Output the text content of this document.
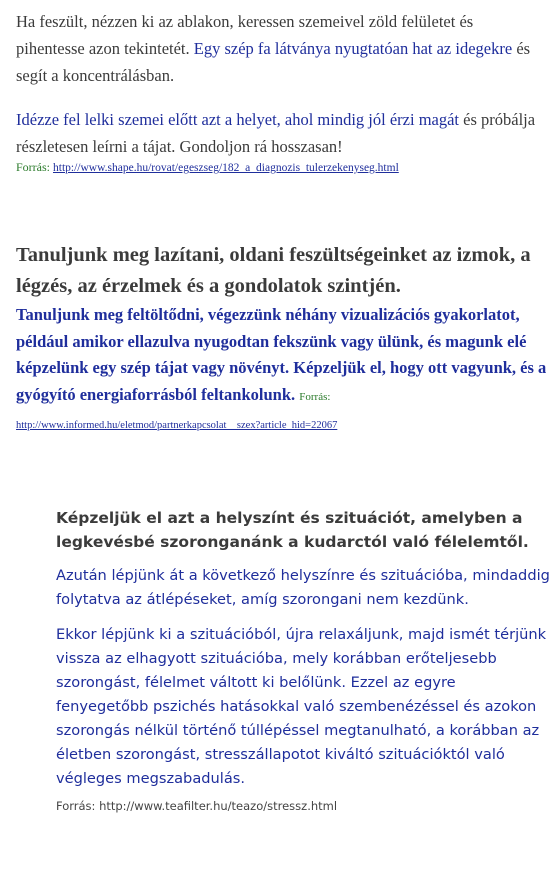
Ha feszült, nézzen ki az ablakon, keressen szemeivel zöld felületet és pihentesse azon tekintetét. Egy szép fa látványa nyugtatóan hat az idegekre és segít a koncentrálásban.

Idézze fel lelki szemei előtt azt a helyet, ahol mindig jól érzi magát és próbálja részletesen leírni a tájat. Gondoljon rá hosszasan!

Forrás: http://www.shape.hu/rovat/egeszseg/182_a_diagnozis_tulerzekenyseg.html
Tanuljunk meg lazítani, oldani feszültségeinket az izmok, a légzés, az érzelmek és a gondolatok szintjén.

Tanuljunk meg feltöltődni, végezzünk néhány vizualizációs gyakorlatot, például amikor ellazulva nyugodtan fekszünk vagy ülünk, és magunk elé képzelünk egy szép tájat vagy növényt. Képzeljük el, hogy ott vagyunk, és a gyógyító energiaforrásból feltankolunk. Forrás: http://www.informed.hu/eletmod/partnerkapcsolat__szex?article_hid=22067

Képzeljük el azt a helyszínt és szituációt, amelyben a legkevésbé szoronganánk a kudarctól való félelemtől.

Azután lépjünk át a következő helyszínre és szituációba, mindaddig folytatva az átlépéseket, amíg szorongani nem kezdünk.

Ekkor lépjünk ki a szituációból, újra relaxáljunk, majd ismét térjünk vissza az elhagyott szituációba, mely korábban erőteljesebb szorongást, félelmet váltott ki belőlünk. Ezzel az egyre fenyegetőbb pszichés hatásokkal való szembenézéssel és azokon szorongás nélkül történő túllépéssel megtanulható, a korábban az életben szorongást, stresszállapotot kiváltó szituációktól való végleges megszabadulás.

Forrás: http://www.teafilter.hu/teazo/stressz.html
